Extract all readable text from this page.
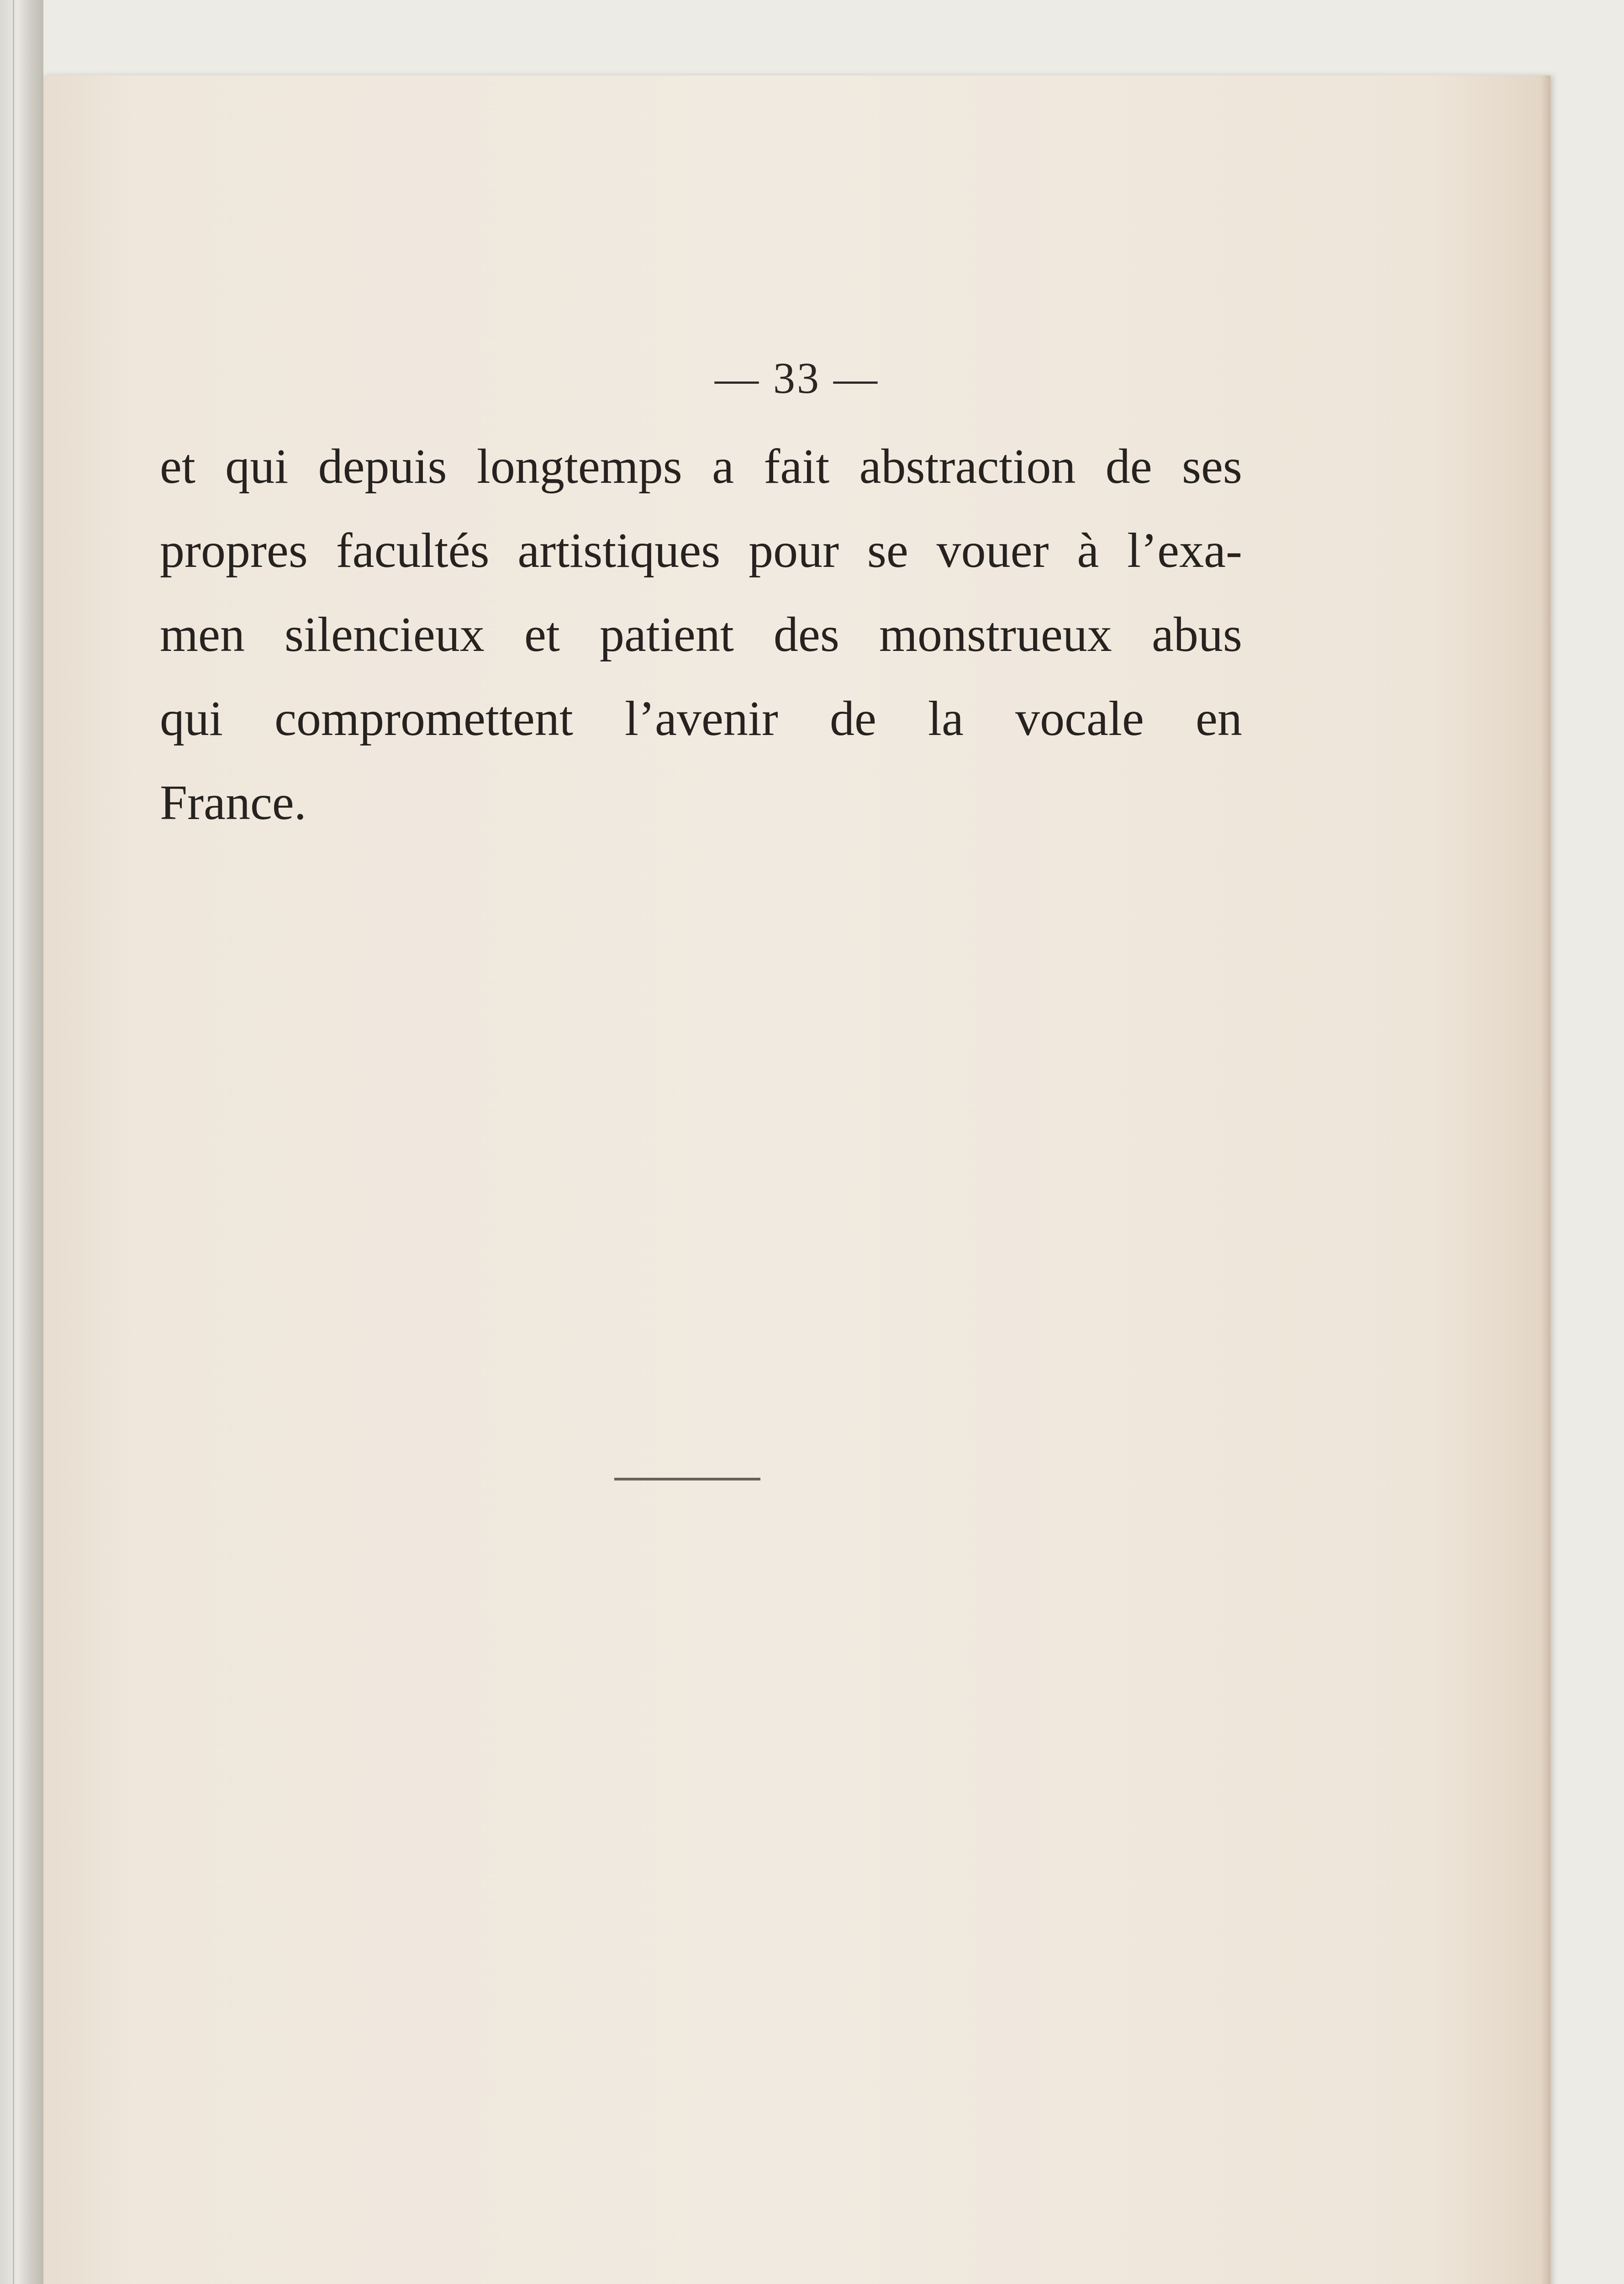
— 33 —
et qui depuis longtemps a fait abstraction de ses
propres facultés artistiques pour se vouer à l’exa-
men silencieux et patient des monstrueux abus
qui compromettent l’avenir de la vocale en
France.
